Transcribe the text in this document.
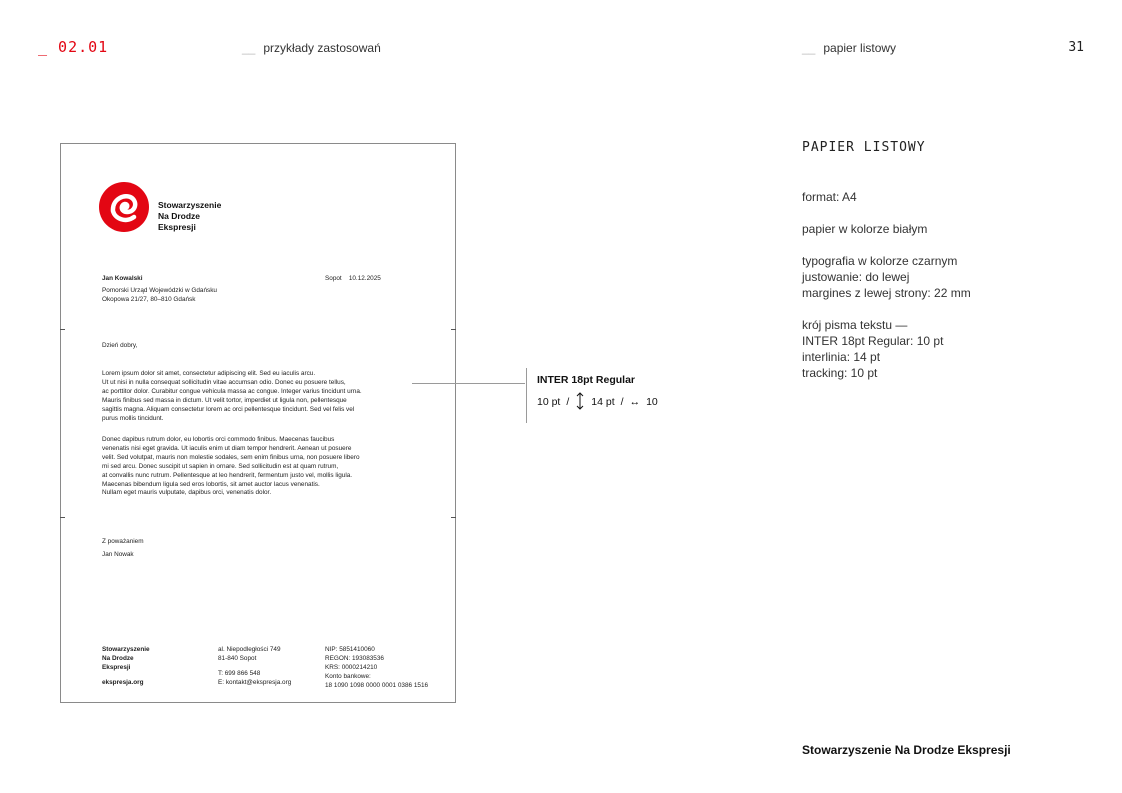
_ 02.01	__ przykłady zastosowań	__ papier listowy	31
Stowarzyszenie
Na Drodze
Ekspresji
Jan Kowalski
Pomorski Urząd Wojewódzki w Gdańsku
Okopowa 21/27, 80–810 Gdańsk
Sopot 10.12.2025
Dzień dobry,
Lorem ipsum dolor sit amet, consectetur adipiscing elit. Sed eu iaculis arcu.
Ut ut nisi in nulla consequat sollicitudin vitae accumsan odio. Donec eu posuere tellus,
ac porttitor dolor. Curabitur congue vehicula massa ac congue. Integer varius tincidunt urna.
Mauris finibus sed massa in dictum. Ut velit tortor, imperdiet ut ligula non, pellentesque
sagittis magna. Aliquam consectetur lorem ac orci pellentesque tincidunt. Sed vel felis vel
purus mollis tincidunt.
Donec dapibus rutrum dolor, eu lobortis orci commodo finibus. Maecenas faucibus
venenatis nisi eget gravida. Ut iaculis enim ut diam tempor hendrerit. Aenean ut posuere
velit. Sed volutpat, mauris non molestie sodales, sem enim finibus urna, non posuere libero
mi sed arcu. Donec suscipit ut sapien in ornare. Sed sollicitudin est at quam rutrum,
at convallis nunc rutrum. Pellentesque at leo hendrerit, fermentum justo vel, mollis ligula.
Maecenas bibendum ligula sed eros lobortis, sit amet auctor lacus venenatis.
Nullam eget mauris vulputate, dapibus orci, venenatis dolor.
Z poważaniem
Jan Nowak
Stowarzyszenie
Na Drodze
Ekspresji
ekspresja.org
al. Niepodległości 749
81-840 Sopot
T: 699 866 548
E: kontakt@ekspresja.org
NIP: 5851410060
REGON: 193083536
KRS: 0000214210
Konto bankowe:
18 1090 1098 0000 0001 0386 1516
INTER 18pt Regular
10 pt / 14 pt / ↔ 10
PAPIER LISTOWY
format: A4
papier w kolorze białym
typografia w kolorze czarnym
justowanie: do lewej
margines z lewej strony: 22 mm
krój pisma tekstu —
INTER 18pt Regular: 10 pt
interlinia: 14 pt
tracking: 10 pt
Stowarzyszenie Na Drodze Ekspresji
